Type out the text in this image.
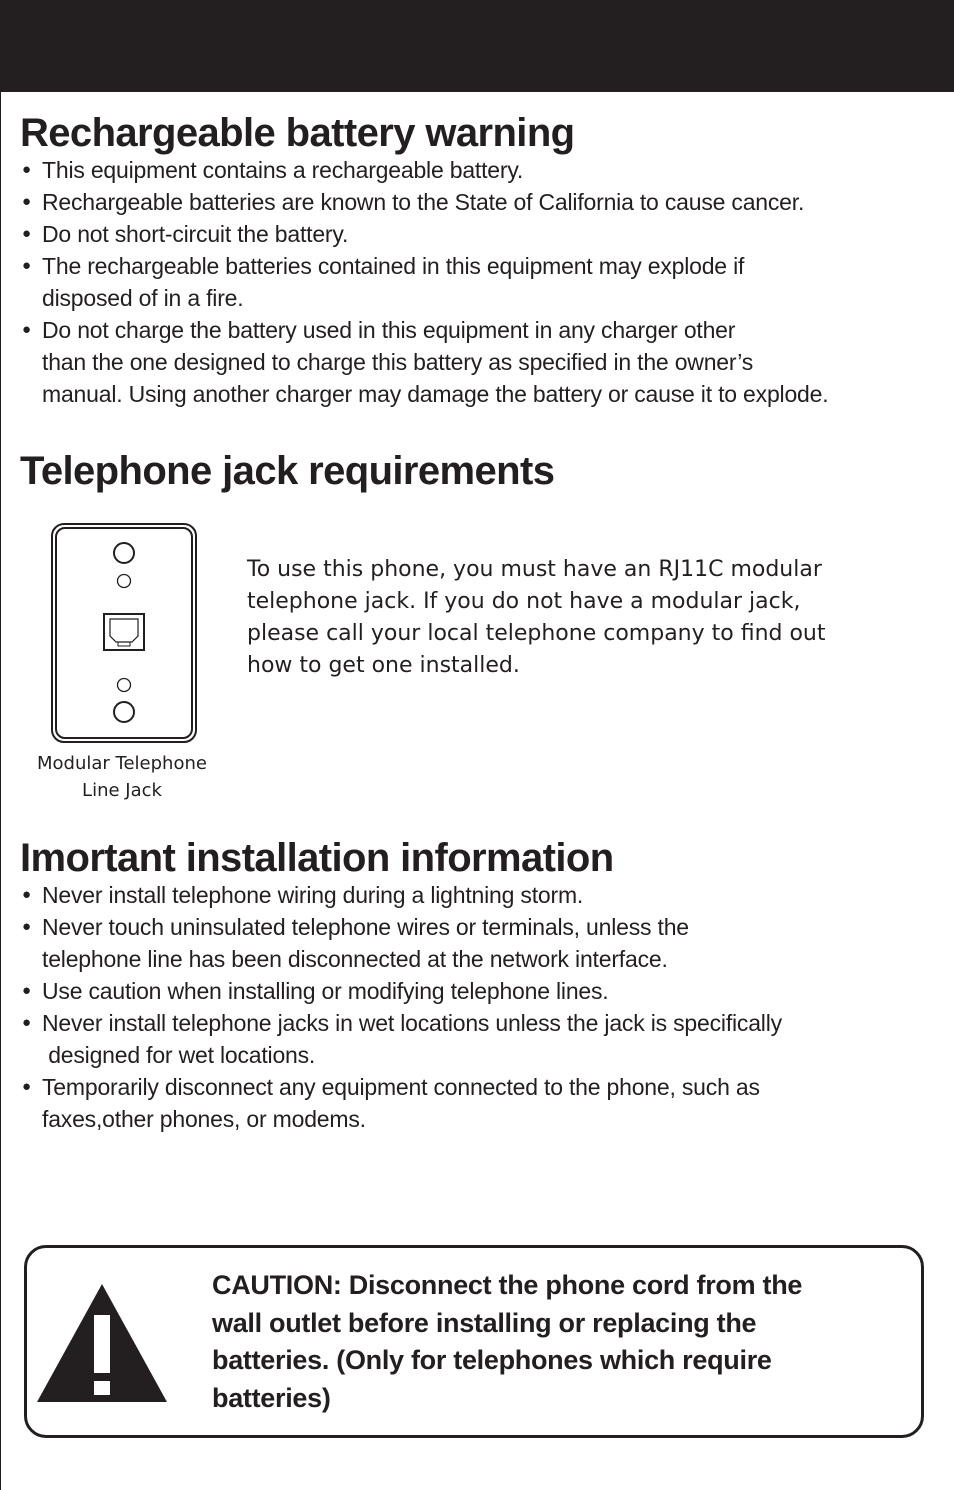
Rechargeable battery warning
● This equipment contains a rechargeable battery.
● Rechargeable batteries are known to the State of California to cause cancer.
● Do not short-circuit the battery.
● The rechargeable batteries contained in this equipment may explode if
disposed of in a fire.
● Do not charge the battery used in this equipment in any charger other
than the one designed to charge this battery as specified in the owner’s
manual. Using another charger may damage the battery or cause it to explode.
Telephone jack requirements
Modular Telephone
Line Jack

To use this phone, you must have an RJ11C modular
telephone jack. If you do not have a modular jack,
please call your local telephone company to find out
how to get one installed.

Imortant installation information
● Never install telephone wiring during a lightning storm.
● Never touch uninsulated telephone wires or terminals, unless the
telephone line has been disconnected at the network interface.
● Use caution when installing or modifying telephone lines.
● Never install telephone jacks in wet locations unless the jack is specifically
designed for wet locations.
● Temporarily disconnect any equipment connected to the phone, such as
faxes,other phones, or modems.

CAUTION: Disconnect the phone cord from the
wall outlet before installing or replacing the
batteries. (Only for telephones which require
batteries)
